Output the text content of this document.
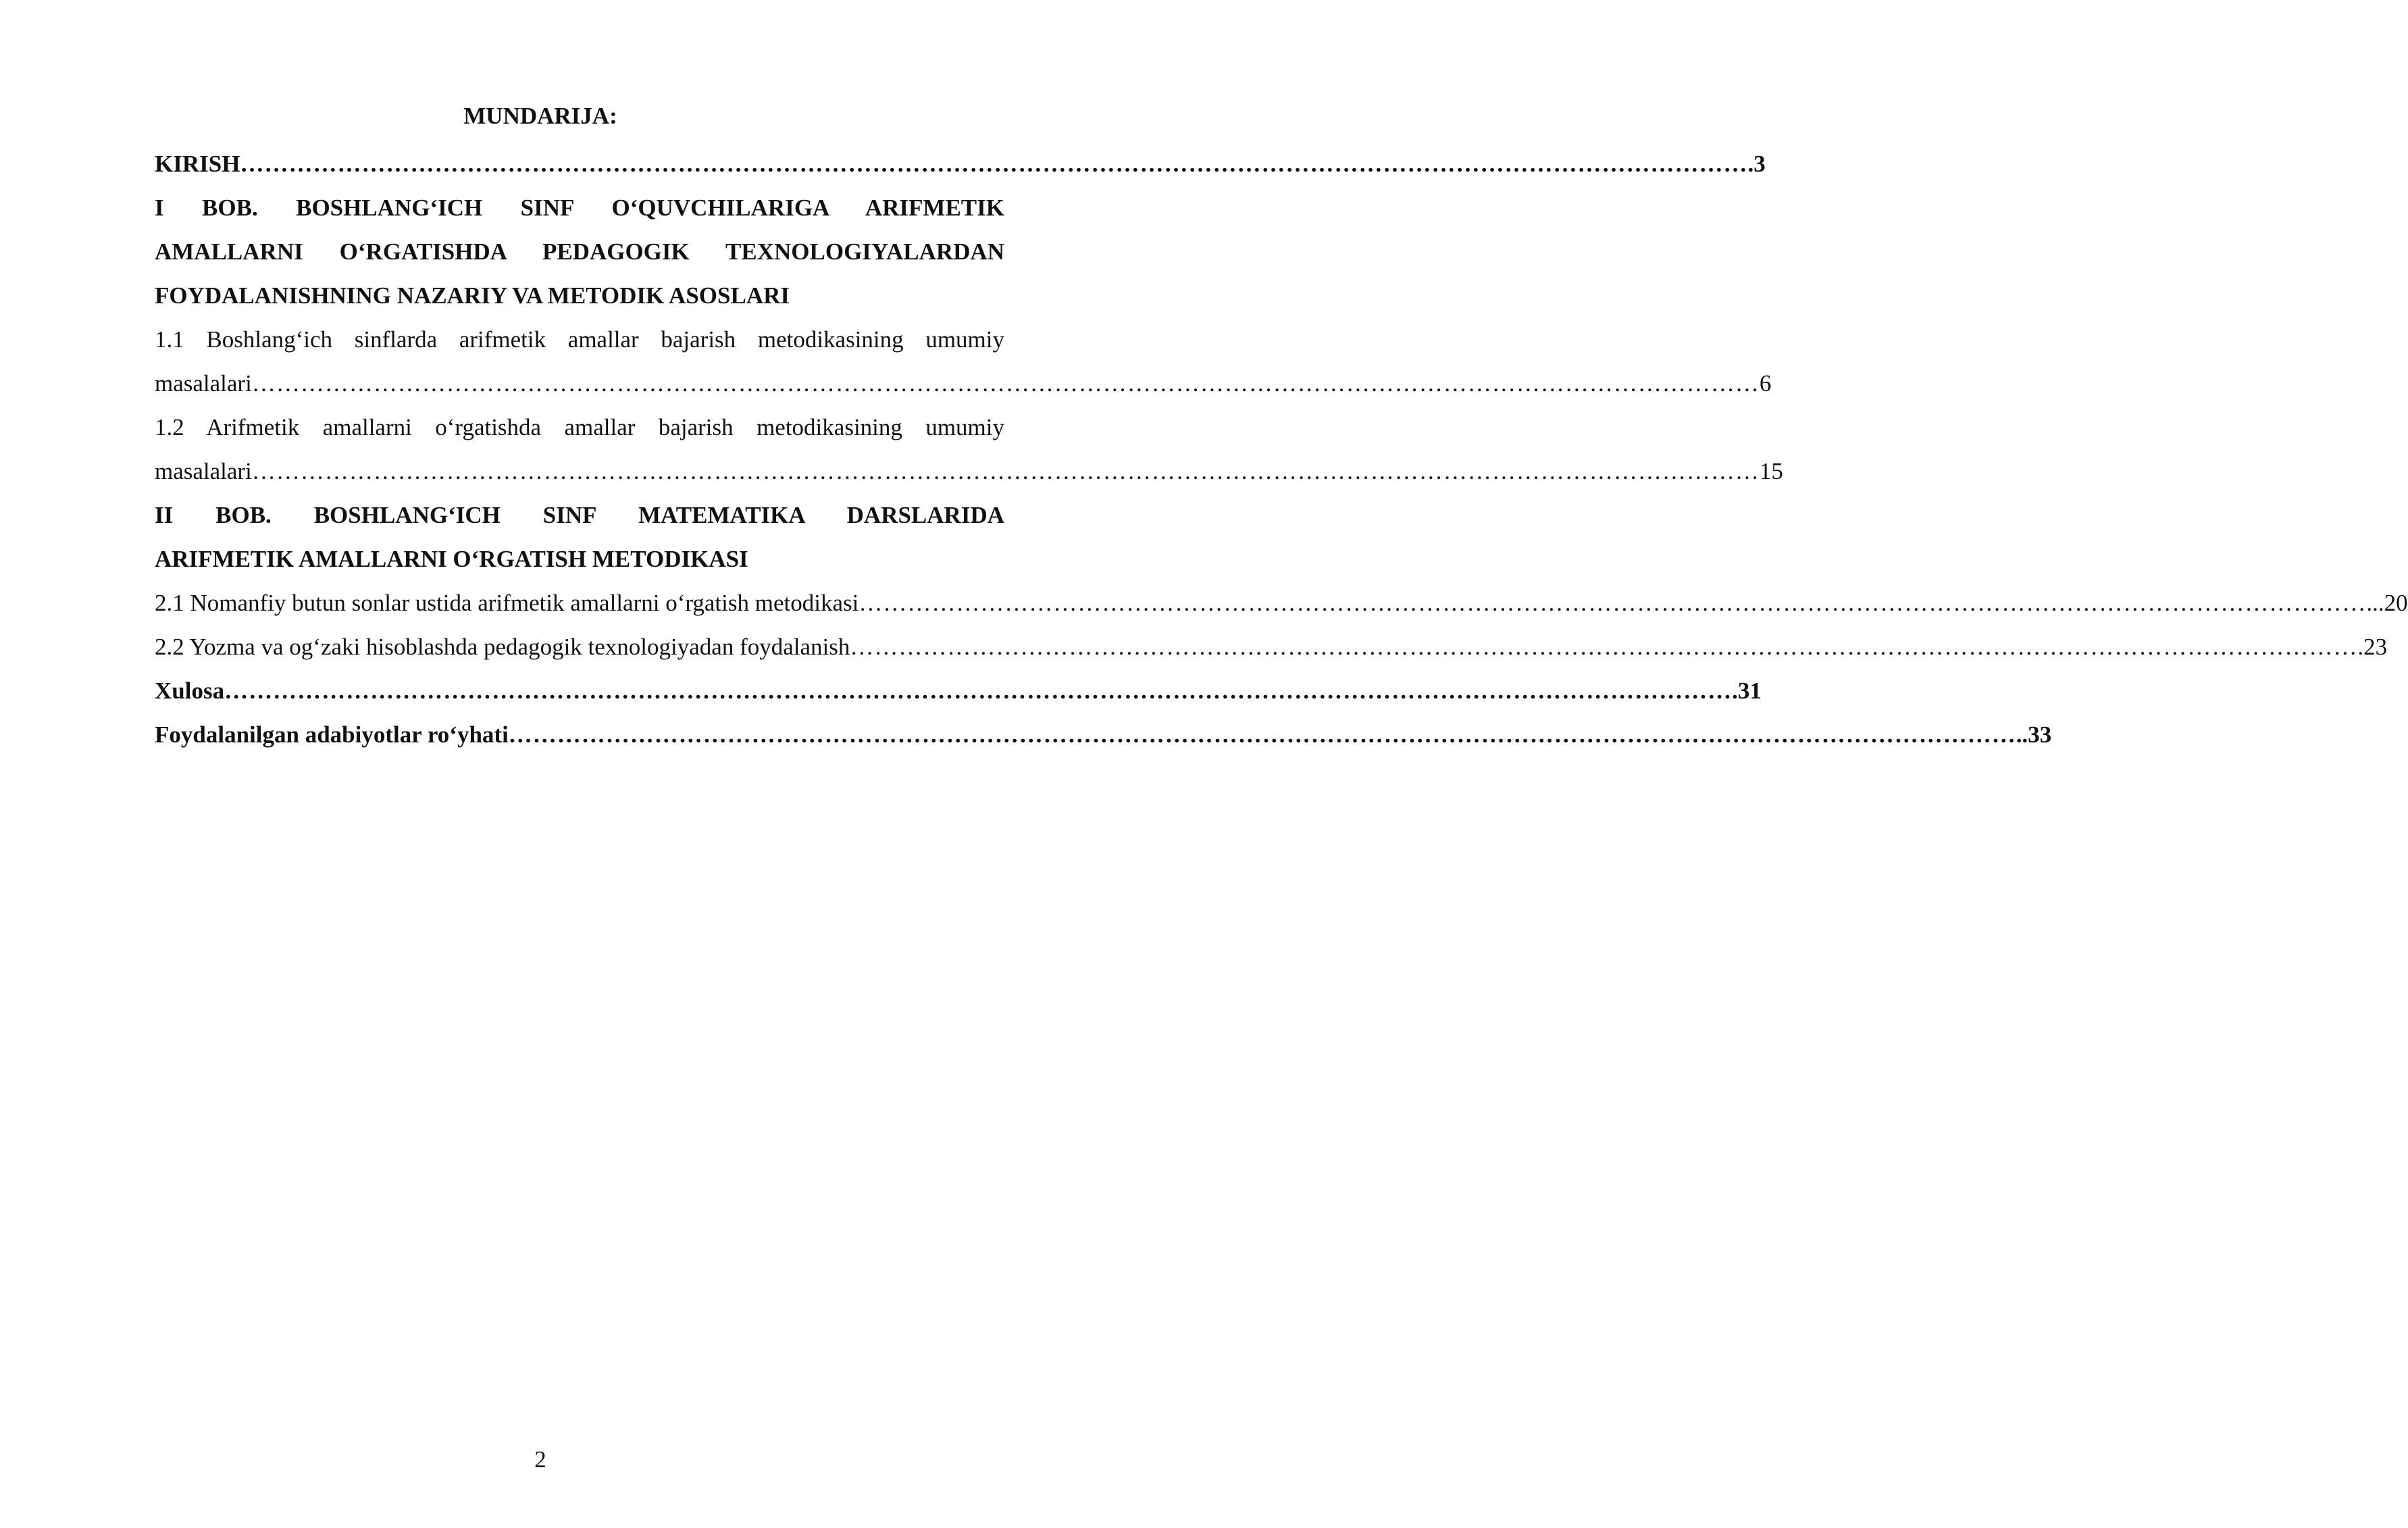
MUNDARIJA:
KIRISH …………………………………………………………………………………………………………………………………………………………………… .3
I BOB. BOSHLANG‘ICH SINF O‘QUVCHILARIGA ARIFMETIK
AMALLARNI O‘RGATISHDA PEDAGOGIK TEXNOLOGIYALARDAN
FOYDALANISHNING NAZARIY VA METODIK ASOSLARI
1.1 Boshlang‘ich sinflarda arifmetik amallar bajarish metodikasining umumiy
masalalari …………………………………………………………………………………………………………………………………………………………………… 6
1.2 Arifmetik amallarni o‘rgatishda amallar bajarish metodikasining umumiy
masalalari …………………………………………………………………………………………………………………………………………………………………… 15
II BOB. BOSHLANG‘ICH SINF MATEMATIKA DARSLARIDA
ARIFMETIK AMALLARNI O‘RGATISH METODIKASI
2.1 Nomanfiy butun sonlar ustida arifmetik amallarni o‘rgatish metodikasi …………………………………………………………………………………………………………………………………………………………………… ...20
2.2 Yozma va og‘zaki hisoblashda pedagogik texnologiyadan foydalanish …………………………………………………………………………………………………………………………………………………………………… .23
Xulosa …………………………………………………………………………………………………………………………………………………………………… .31
Foydalanilgan adabiyotlar ro‘yhati …………………………………………………………………………………………………………………………………………………………………… ..33
2
